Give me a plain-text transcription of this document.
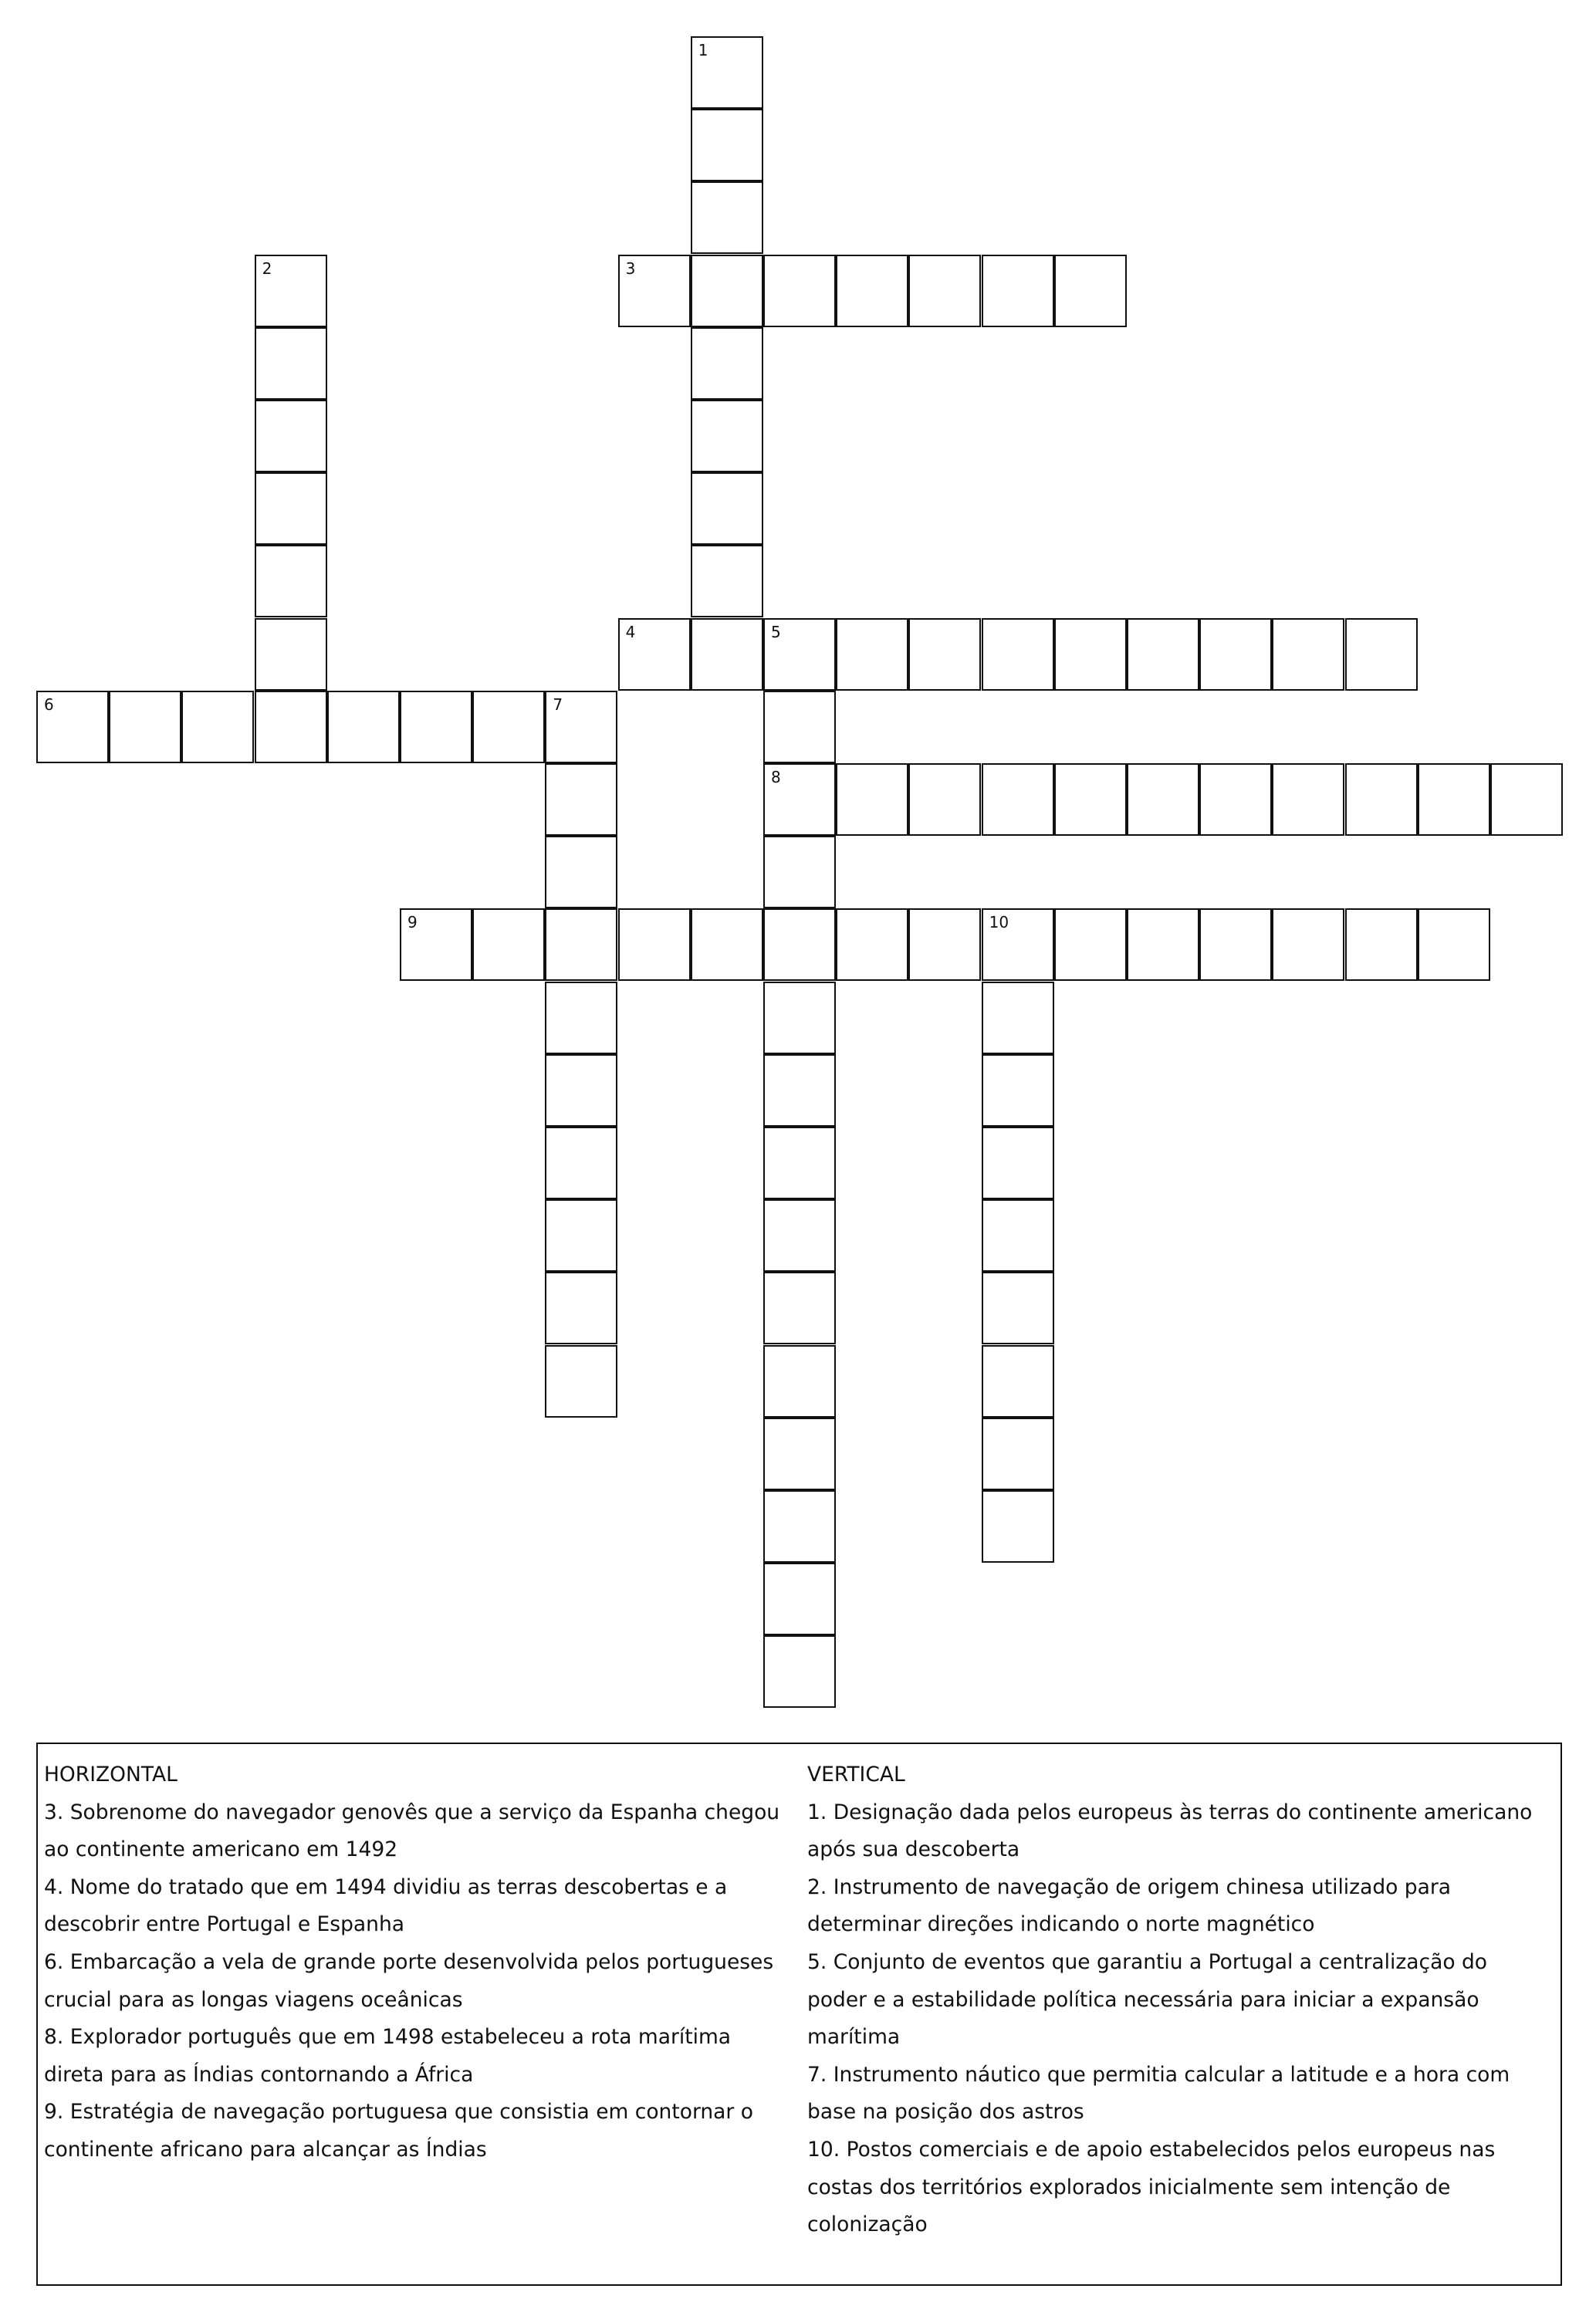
1
2	3
4	5
8
6	7
9	10
HORIZONTAL
3. Sobrenome do navegador genovês que a serviço da Espanha chegou
ao continente americano em 1492
4. Nome do tratado que em 1494 dividiu as terras descobertas e a
descobrir entre Portugal e Espanha
6. Embarcação a vela de grande porte desenvolvida pelos portugueses
crucial para as longas viagens oceânicas
8. Explorador português que em 1498 estabeleceu a rota marítima
direta para as Índias contornando a África
9. Estratégia de navegação portuguesa que consistia em contornar o
continente africano para alcançar as Índias
VERTICAL
1. Designação dada pelos europeus às terras do continente americano
após sua descoberta
2. Instrumento de navegação de origem chinesa utilizado para
determinar direções indicando o norte magnético
5. Conjunto de eventos que garantiu a Portugal a centralização do
poder e a estabilidade política necessária para iniciar a expansão
marítima
7. Instrumento náutico que permitia calcular a latitude e a hora com
base na posição dos astros
10. Postos comerciais e de apoio estabelecidos pelos europeus nas
costas dos territórios explorados inicialmente sem intenção de
colonização
